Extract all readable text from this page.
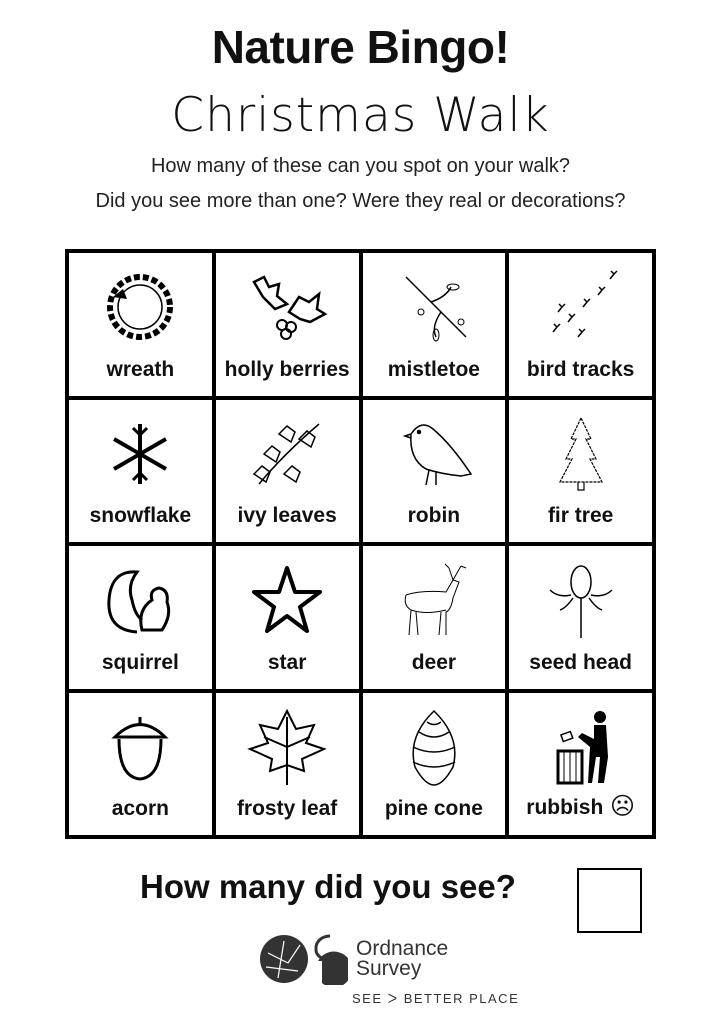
Nature Bingo!
Christmas Walk
How many of these can you spot on your walk?
Did you see more than one? Were they real or decorations?
wreath	holly berries	mistletoe	bird tracks
snowflake	ivy leaves	robin	fir tree
squirrel	star	deer	seed head
acorn	frosty leaf	pine cone	rubbish ☹
How many did you see?
Ordnance
Survey
SEE ᐳ BETTER PLACE
